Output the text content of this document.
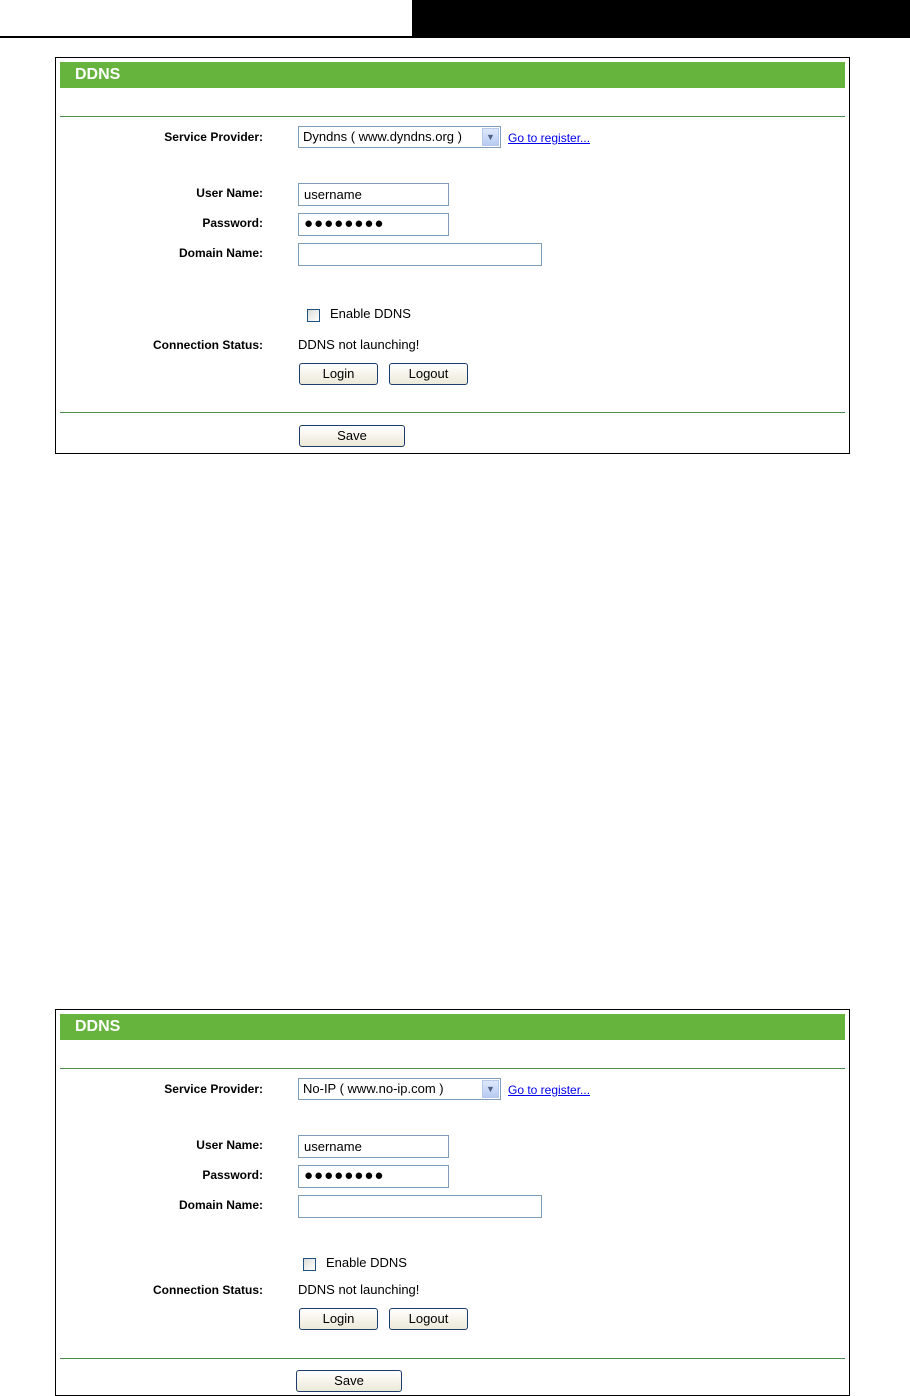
DDNS
Service Provider:	Dyndns ( www.dyndns.org )	▼	Go to register...
User Name:	username
Password:	●●●●●●●●
Domain Name:
Enable DDNS
Connection Status:	DDNS not launching!
Login	Logout
Save
DDNS
Service Provider:	No-IP ( www.no-ip.com )	▼	Go to register...
User Name:	username
Password:	●●●●●●●●
Domain Name:
Enable DDNS
Connection Status:	DDNS not launching!
Login	Logout
Save
